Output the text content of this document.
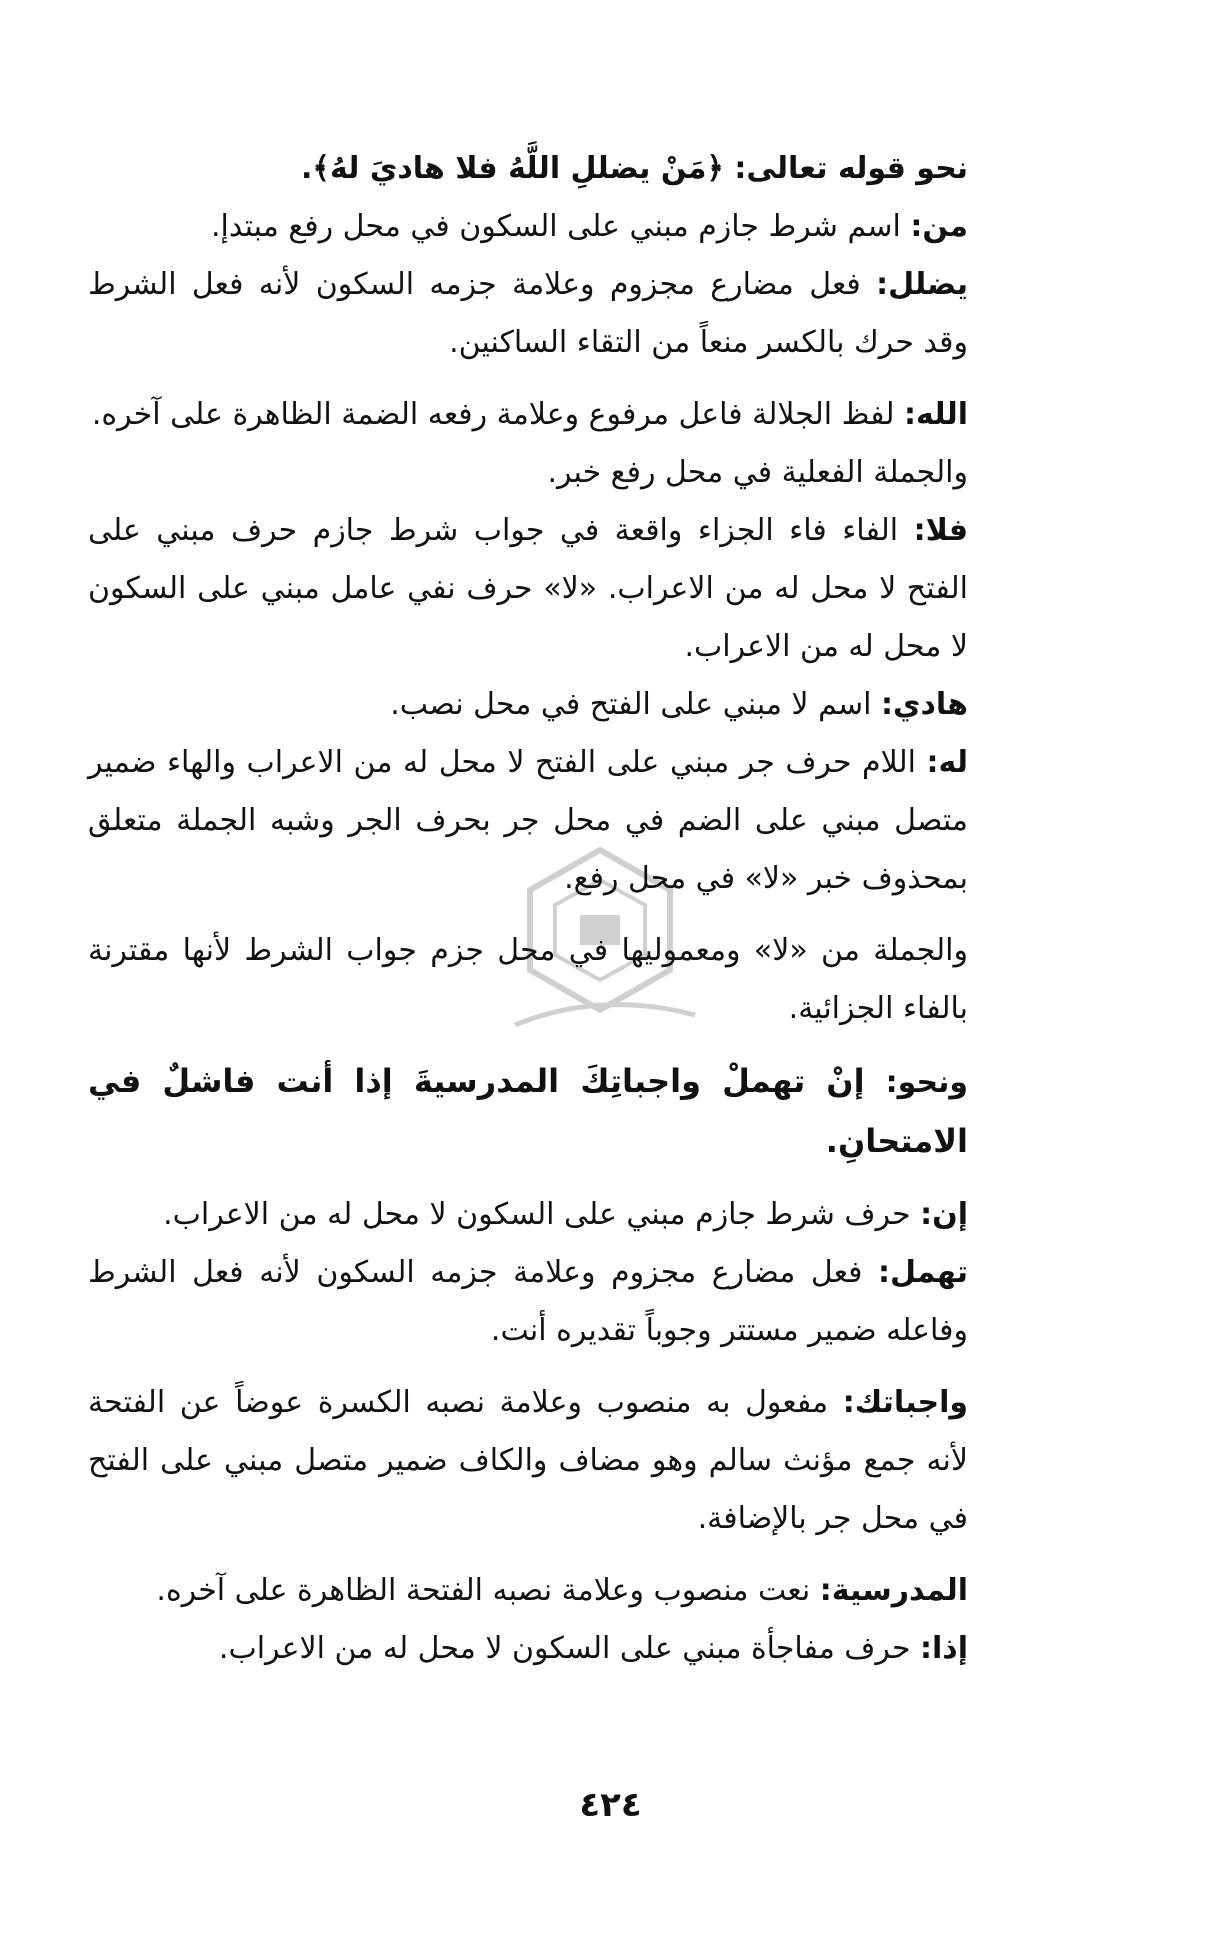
نحو قوله تعالى: ﴿مَنْ يضللِ اللَّهُ فلا هاديَ لهُ﴾.

من: اسم شرط جازم مبني على السكون في محل رفع مبتدإ.

يضلل: فعل مضارع مجزوم وعلامة جزمه السكون لأنه فعل الشرط وقد حرك بالكسر منعاً من التقاء الساكنين.

الله: لفظ الجلالة فاعل مرفوع وعلامة رفعه الضمة الظاهرة على آخره.

والجملة الفعلية في محل رفع خبر.

فلا: الفاء فاء الجزاء واقعة في جواب شرط جازم حرف مبني على الفتح لا محل له من الاعراب. «لا» حرف نفي عامل مبني على السكون لا محل له من الاعراب.

هادي: اسم لا مبني على الفتح في محل نصب.

له: اللام حرف جر مبني على الفتح لا محل له من الاعراب والهاء ضمير متصل مبني على الضم في محل جر بحرف الجر وشبه الجملة متعلق بمحذوف خبر «لا» في محل رفع.

والجملة من «لا» ومعموليها في محل جزم جواب الشرط لأنها مقترنة بالفاء الجزائية.

ونحو: إنْ تهملْ واجباتِكَ المدرسيةَ إذا أنت فاشلٌ في الامتحانِ.

إن: حرف شرط جازم مبني على السكون لا محل له من الاعراب.

تهمل: فعل مضارع مجزوم وعلامة جزمه السكون لأنه فعل الشرط وفاعله ضمير مستتر وجوباً تقديره أنت.

واجباتك: مفعول به منصوب وعلامة نصبه الكسرة عوضاً عن الفتحة لأنه جمع مؤنث سالم وهو مضاف والكاف ضمير متصل مبني على الفتح في محل جر بالإضافة.

المدرسية: نعت منصوب وعلامة نصبه الفتحة الظاهرة على آخره.

إذا: حرف مفاجأة مبني على السكون لا محل له من الاعراب.

٤٢٤
